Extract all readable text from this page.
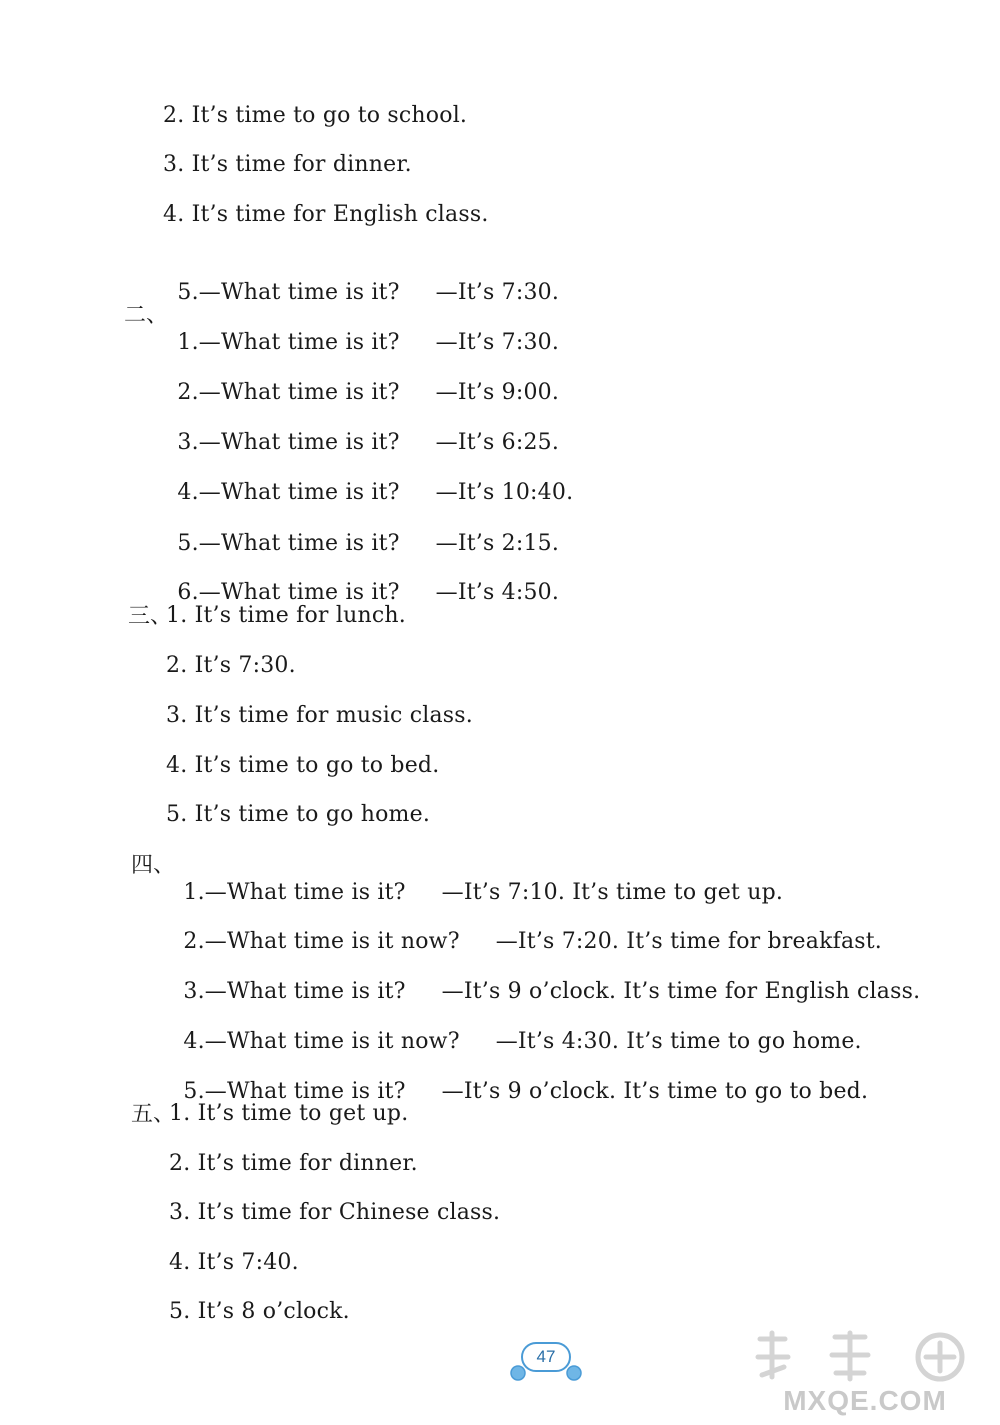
2. It’s time to go to school.
3. It’s time for dinner.
4. It’s time for English class.

5.—What time is it? —It’s 7:30.

二、

1.—What time is it? —It’s 7:30.

2.—What time is it? —It’s 9:00.

3.—What time is it? —It’s 6:25.

4.—What time is it? —It’s 10:40.

5.—What time is it? —It’s 2:15.

6.—What time is it? —It’s 4:50.

三、
1. It’s time for lunch.
2. It’s 7:30.
3. It’s time for music class.
4. It’s time to go to bed.
5. It’s time to go home.
四、

1.—What time is it? —It’s 7:10. It’s time to get up.

2.—What time is it now? —It’s 7:20. It’s time for breakfast.

3.—What time is it? —It’s 9 o’clock. It’s time for English class.

4.—What time is it now? —It’s 4:30. It’s time to go home.

5.—What time is it? —It’s 9 o’clock. It’s time to go to bed.

五、
1. It’s time to get up.
2. It’s time for dinner.
3. It’s time for Chinese class.
4. It’s 7:40.
5. It’s 8 o’clock.
47
MXQE.COM
